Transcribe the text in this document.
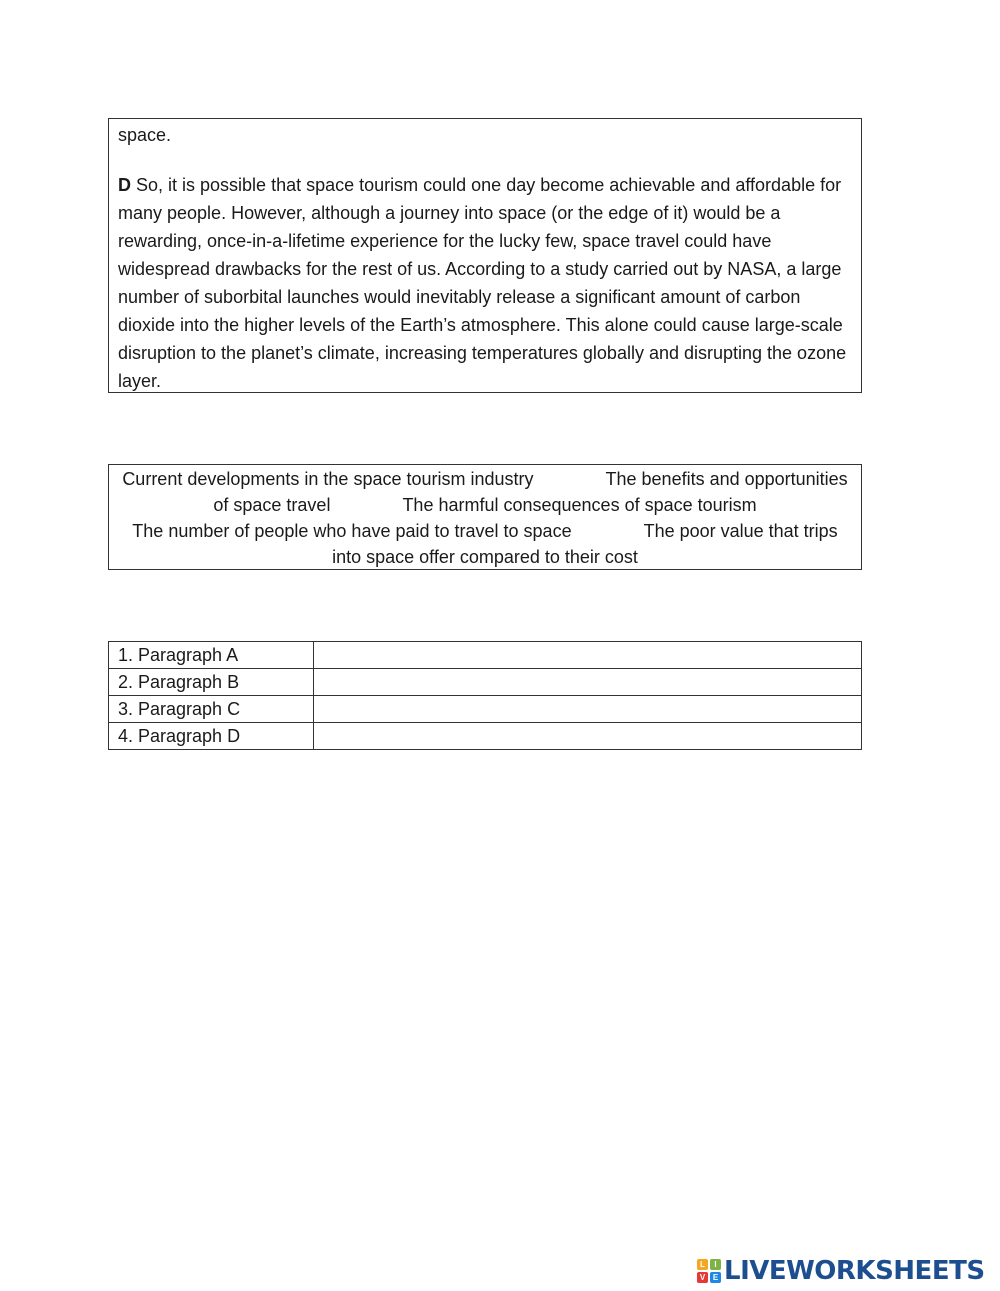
space.

D So, it is possible that space tourism could one day become achievable and affordable for many people. However, although a journey into space (or the edge of it) would be a rewarding, once-in-a-lifetime experience for the lucky few, space travel could have widespread drawbacks for the rest of us. According to a study carried out by NASA, a large number of suborbital launches would inevitably release a significant amount of carbon dioxide into the higher levels of the Earth’s atmosphere. This alone could cause large-scale disruption to the planet’s climate, increasing temperatures globally and disrupting the ozone layer.

Current developments in the space tourism industry	The benefits and opportunities of space travel	The harmful consequences of space tourism
The number of people who have paid to travel to space	The poor value that trips into space offer compared to their cost
1. Paragraph A	
2. Paragraph B	
3. Paragraph C	
4. Paragraph D	
L	I
V E LIVEWORKSHEETS
